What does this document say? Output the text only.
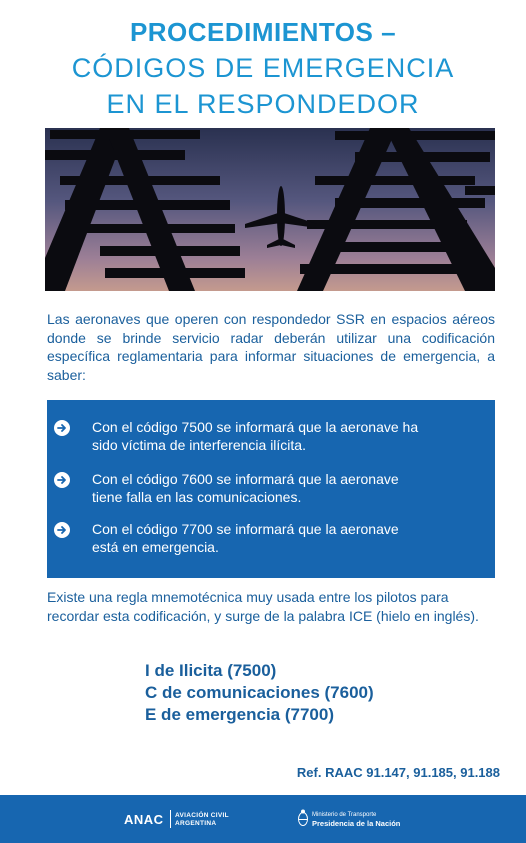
PROCEDIMIENTOS –
CÓDIGOS DE EMERGENCIA
EN EL RESPONDEDOR
Las aeronaves que operen con respondedor SSR en espacios aéreos donde se brinde servicio radar deberán utilizar una codificación específica reglamentaria para informar situaciones de emergencia, a saber:
Con el código 7500 se informará que la aeronave ha
sido víctima de interferencia ilícita.
Con el código 7600 se informará que la aeronave
tiene falla en las comunicaciones.
Con el código 7700 se informará que la aeronave
está en emergencia.
Existe una regla mnemotécnica muy usada entre los pilotos para recordar esta codificación, y surge de la palabra ICE (hielo en inglés).
I de Ilicita (7500)
C de comunicaciones (7600)
E de emergencia (7700)
Ref. RAAC 91.147, 91.185, 91.188
ANAC AVIACIÓN CIVIL
ARGENTINA
Ministerio de Transporte
Presidencia de la Nación
